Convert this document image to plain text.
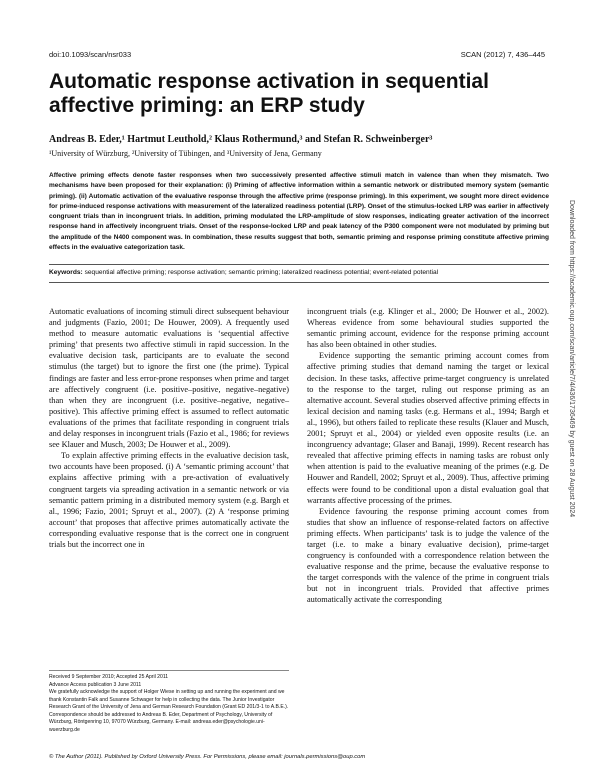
doi:10.1093/scan/nsr033	SCAN (2012) 7, 436–445
Automatic response activation in sequential affective priming: an ERP study
Andreas B. Eder,¹ Hartmut Leuthold,² Klaus Rothermund,³ and Stefan R. Schweinberger³
¹University of Würzburg, ²University of Tübingen, and ³University of Jena, Germany
Affective priming effects denote faster responses when two successively presented affective stimuli match in valence than when they mismatch. Two mechanisms have been proposed for their explanation: (i) Priming of affective information within a semantic network or distributed memory system (semantic priming). (ii) Automatic activation of the evaluative response through the affective prime (response priming). In this experiment, we sought more direct evidence for prime-induced response activations with measurement of the lateralized readiness potential (LRP). Onset of the stimulus-locked LRP was earlier in affectively congruent trials than in incongruent trials. In addition, priming modulated the LRP-amplitude of slow responses, indicating greater activation of the incorrect response hand in affectively incongruent trials. Onset of the response-locked LRP and peak latency of the P300 component were not modulated by priming but the amplitude of the N400 component was. In combination, these results suggest that both, semantic priming and response priming constitute affective priming effects in the evaluative categorization task.
Keywords: sequential affective priming; response activation; semantic priming; lateralized readiness potential; event-related potential

Automatic evaluations of incoming stimuli direct subsequent behaviour and judgments (Fazio, 2001; De Houwer, 2009). A frequently used method to measure automatic evaluations is ‘sequential affective priming’ that presents two affective stimuli in rapid succession. In the evaluative decision task, participants are to evaluate the second stimulus (the target) but to ignore the first one (the prime). Typical findings are faster and less error-prone responses when prime and target are affectively congruent (i.e. positive–positive, negative–negative) than when they are incongruent (i.e. positive–negative, negative–positive). This affective priming effect is assumed to reflect automatic evaluations of the primes that facilitate responding in congruent trials and delay responses in incongruent trials (Fazio et al., 1986; for reviews see Klauer and Musch, 2003; De Houwer et al., 2009).

To explain affective priming effects in the evaluative decision task, two accounts have been proposed. (i) A ‘semantic priming account’ that explains affective priming with a pre-activation of evaluatively congruent targets via spreading activation in a semantic network or via semantic pattern priming in a distributed memory system (e.g. Bargh et al., 1996; Fazio, 2001; Spruyt et al., 2007). (2) A ‘response priming account’ that proposes that affective primes automatically activate the corresponding evaluative response that is the correct one in congruent trials but the incorrect one in

incongruent trials (e.g. Klinger et al., 2000; De Houwer et al., 2002). Whereas evidence from some behavioural studies supported the semantic priming account, evidence for the response priming account has also been obtained in other studies.

Evidence supporting the semantic priming account comes from affective priming studies that demand naming the target or lexical decision. In these tasks, affective prime-target congruency is unrelated to the response to the target, ruling out response priming as an alternative account. Several studies observed affective priming effects in lexical decision and naming tasks (e.g. Hermans et al., 1994; Bargh et al., 1996), but others failed to replicate these results (Klauer and Musch, 2001; Spruyt et al., 2004) or yielded even opposite results (i.e. an incongruency advantage; Glaser and Banaji, 1999). Recent research has revealed that affective priming effects in naming tasks are robust only when attention is paid to the evaluative meaning of the primes (e.g. De Houwer and Randell, 2002; Spruyt et al., 2009). Thus, affective priming effects were found to be conditional upon a distal evaluation goal that warrants affective processing of the primes.

Evidence favouring the response priming account comes from studies that show an influence of response-related factors on affective priming effects. When participants’ task is to judge the valence of the target (i.e. to make a binary evaluative decision), prime-target congruency is confounded with a correspondence relation between the evaluative response and the prime, because the evaluative response to the target corresponds with the valence of the prime in congruent trials but not in incongruent trials. Provided that affective primes automatically activate the corresponding

Received 9 September 2010; Accepted 25 April 2011
Advance Access publication 3 June 2011
We gratefully acknowledge the support of Holger Wiese in setting up and running the experiment and we thank Konstantin Falk and Susanne Schwager for help in collecting the data. The Junior Investigator Research Grant of the University of Jena and German Research Foundation (Grant ED 201/3-1 to A.B.E.).
Correspondence should be addressed to Andreas B. Eder, Department of Psychology, University of Würzburg, Röntgenring 10, 97070 Würzburg, Germany. E-mail: andreas.eder@psychologie.uni-wuerzburg.de
© The Author (2011). Published by Oxford University Press. For Permissions, please email: journals.permissions@oup.com
Downloaded from https://academic.oup.com/scan/article/7/4/436/1736469 by guest on 28 August 2024
